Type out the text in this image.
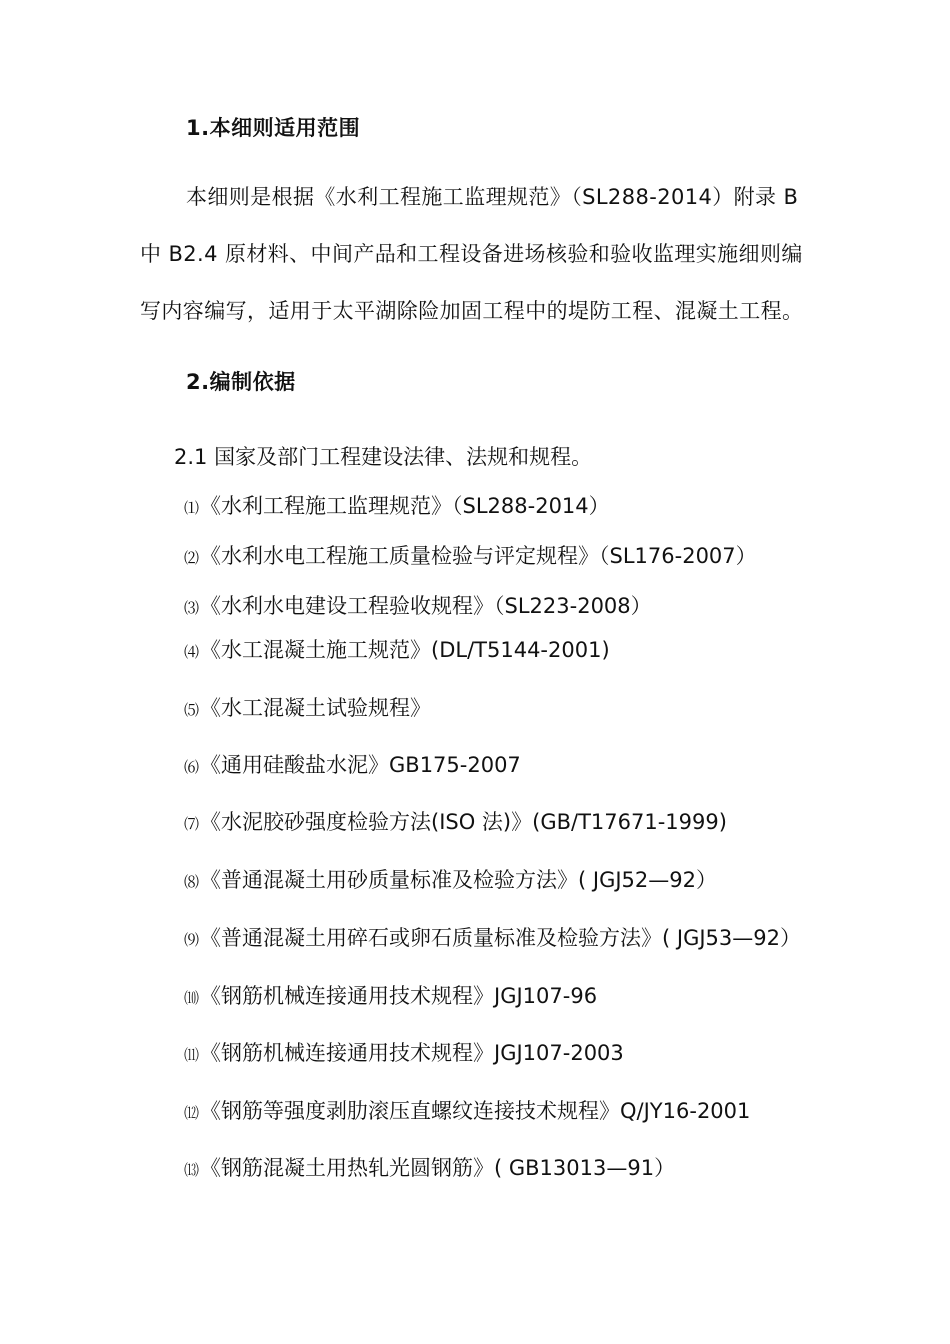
1.本细则适用范围
本细则是根据《水利工程施工监理规范》（SL288-2014）附录 B
中 B2.4 原材料、中间产品和工程设备进场核验和验收监理实施细则编
写内容编写，适用于太平湖除险加固工程中的堤防工程、混凝土工程。
2.编制依据
2.1 国家及部门工程建设法律、法规和规程。
⑴ 《水利工程施工监理规范》（SL288-2014）
⑵ 《水利水电工程施工质量检验与评定规程》（SL176-2007）
⑶ 《水利水电建设工程验收规程》（SL223-2008）
⑷ 《水工混凝土施工规范》(DL/T5144-2001)
⑸ 《水工混凝土试验规程》
⑹ 《通用硅酸盐水泥》GB175-2007
⑺ 《水泥胶砂强度检验方法(ISO 法)》(GB/T17671-1999)
⑻ 《普通混凝土用砂质量标准及检验方法》( JGJ52—92）
⑼ 《普通混凝土用碎石或卵石质量标准及检验方法》( JGJ53—92）
⑽ 《钢筋机械连接通用技术规程》JGJ107-96
⑾ 《钢筋机械连接通用技术规程》JGJ107-2003
⑿ 《钢筋等强度剥肋滚压直螺纹连接技术规程》Q/JY16-2001
⒀ 《钢筋混凝土用热轧光圆钢筋》( GB13013—91）
